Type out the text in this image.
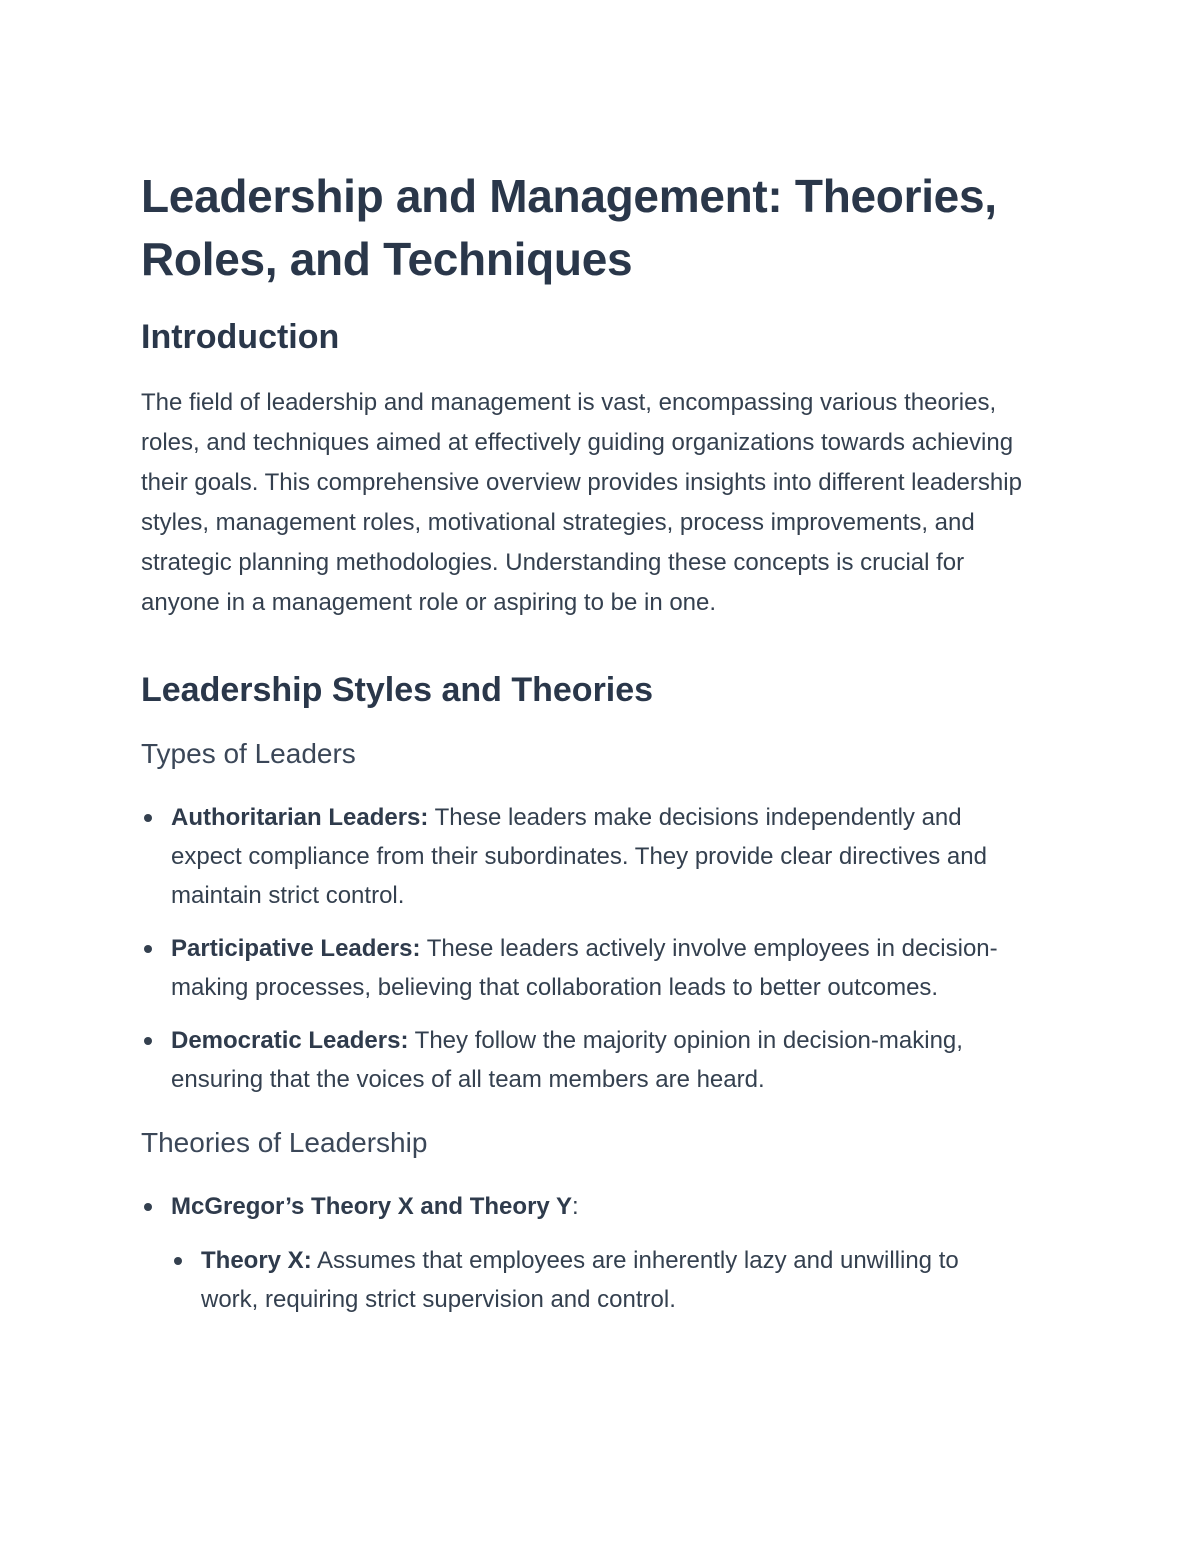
Leadership and Management: Theories, Roles, and Techniques
Introduction

The field of leadership and management is vast, encompassing various theories, roles, and techniques aimed at effectively guiding organizations towards achieving their goals. This comprehensive overview provides insights into different leadership styles, management roles, motivational strategies, process improvements, and strategic planning methodologies. Understanding these concepts is crucial for anyone in a management role or aspiring to be in one.

Leadership Styles and Theories
Types of Leaders
Authoritarian Leaders: These leaders make decisions independently and expect compliance from their subordinates. They provide clear directives and maintain strict control.
Participative Leaders: These leaders actively involve employees in decision-making processes, believing that collaboration leads to better outcomes.
Democratic Leaders: They follow the majority opinion in decision-making, ensuring that the voices of all team members are heard.
Theories of Leadership
McGregor’s Theory X and Theory Y:
Theory X: Assumes that employees are inherently lazy and unwilling to work, requiring strict supervision and control.
